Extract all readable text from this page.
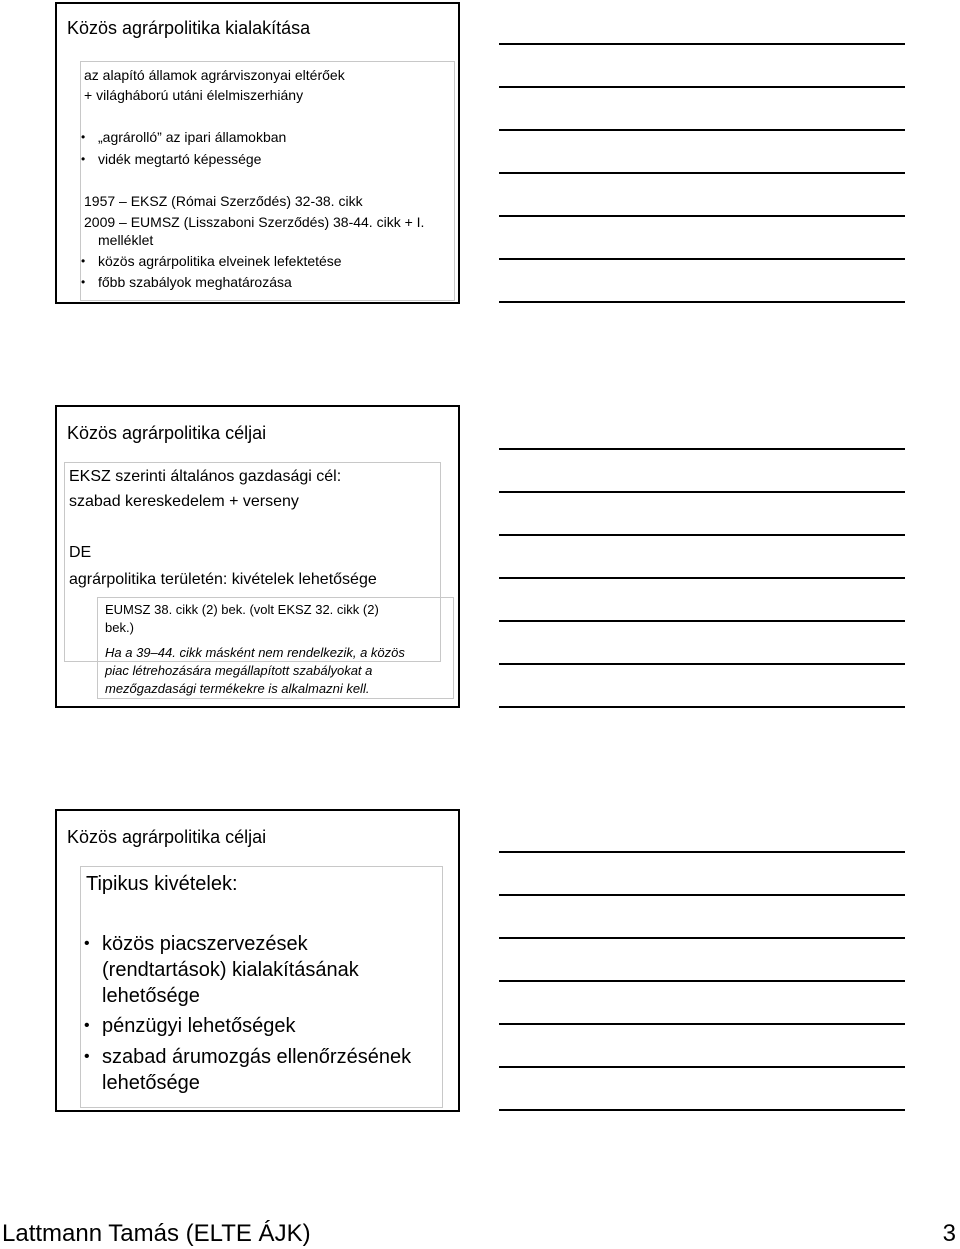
Közös agrárpolitika kialakítása
az alapító államok agrárviszonyai eltérőek
+ világháború utáni élelmiszerhiány
• „agrárolló” az ipari államokban
• vidék megtartó képessége
1957 – EKSZ (Római Szerződés) 32-38. cikk
2009 – EUMSZ (Lisszaboni Szerződés) 38-44. cikk + I.
melléklet
• közös agrárpolitika elveinek lefektetése
• főbb szabályok meghatározása
Közös agrárpolitika céljai
EKSZ szerinti általános gazdasági cél:
szabad kereskedelem + verseny
DE
agrárpolitika területén: kivételek lehetősége
EUMSZ 38. cikk (2) bek. (volt EKSZ 32. cikk (2)
bek.)
Ha a 39–44. cikk másként nem rendelkezik, a közös
piac létrehozására megállapított szabályokat a
mezőgazdasági termékekre is alkalmazni kell.
Közös agrárpolitika céljai
Tipikus kivételek:
• közös piacszervezések
(rendtartások) kialakításának
lehetősége
• pénzügyi lehetőségek
• szabad árumozgás ellenőrzésének
lehetősége
Lattmann Tamás (ELTE ÁJK)	3
